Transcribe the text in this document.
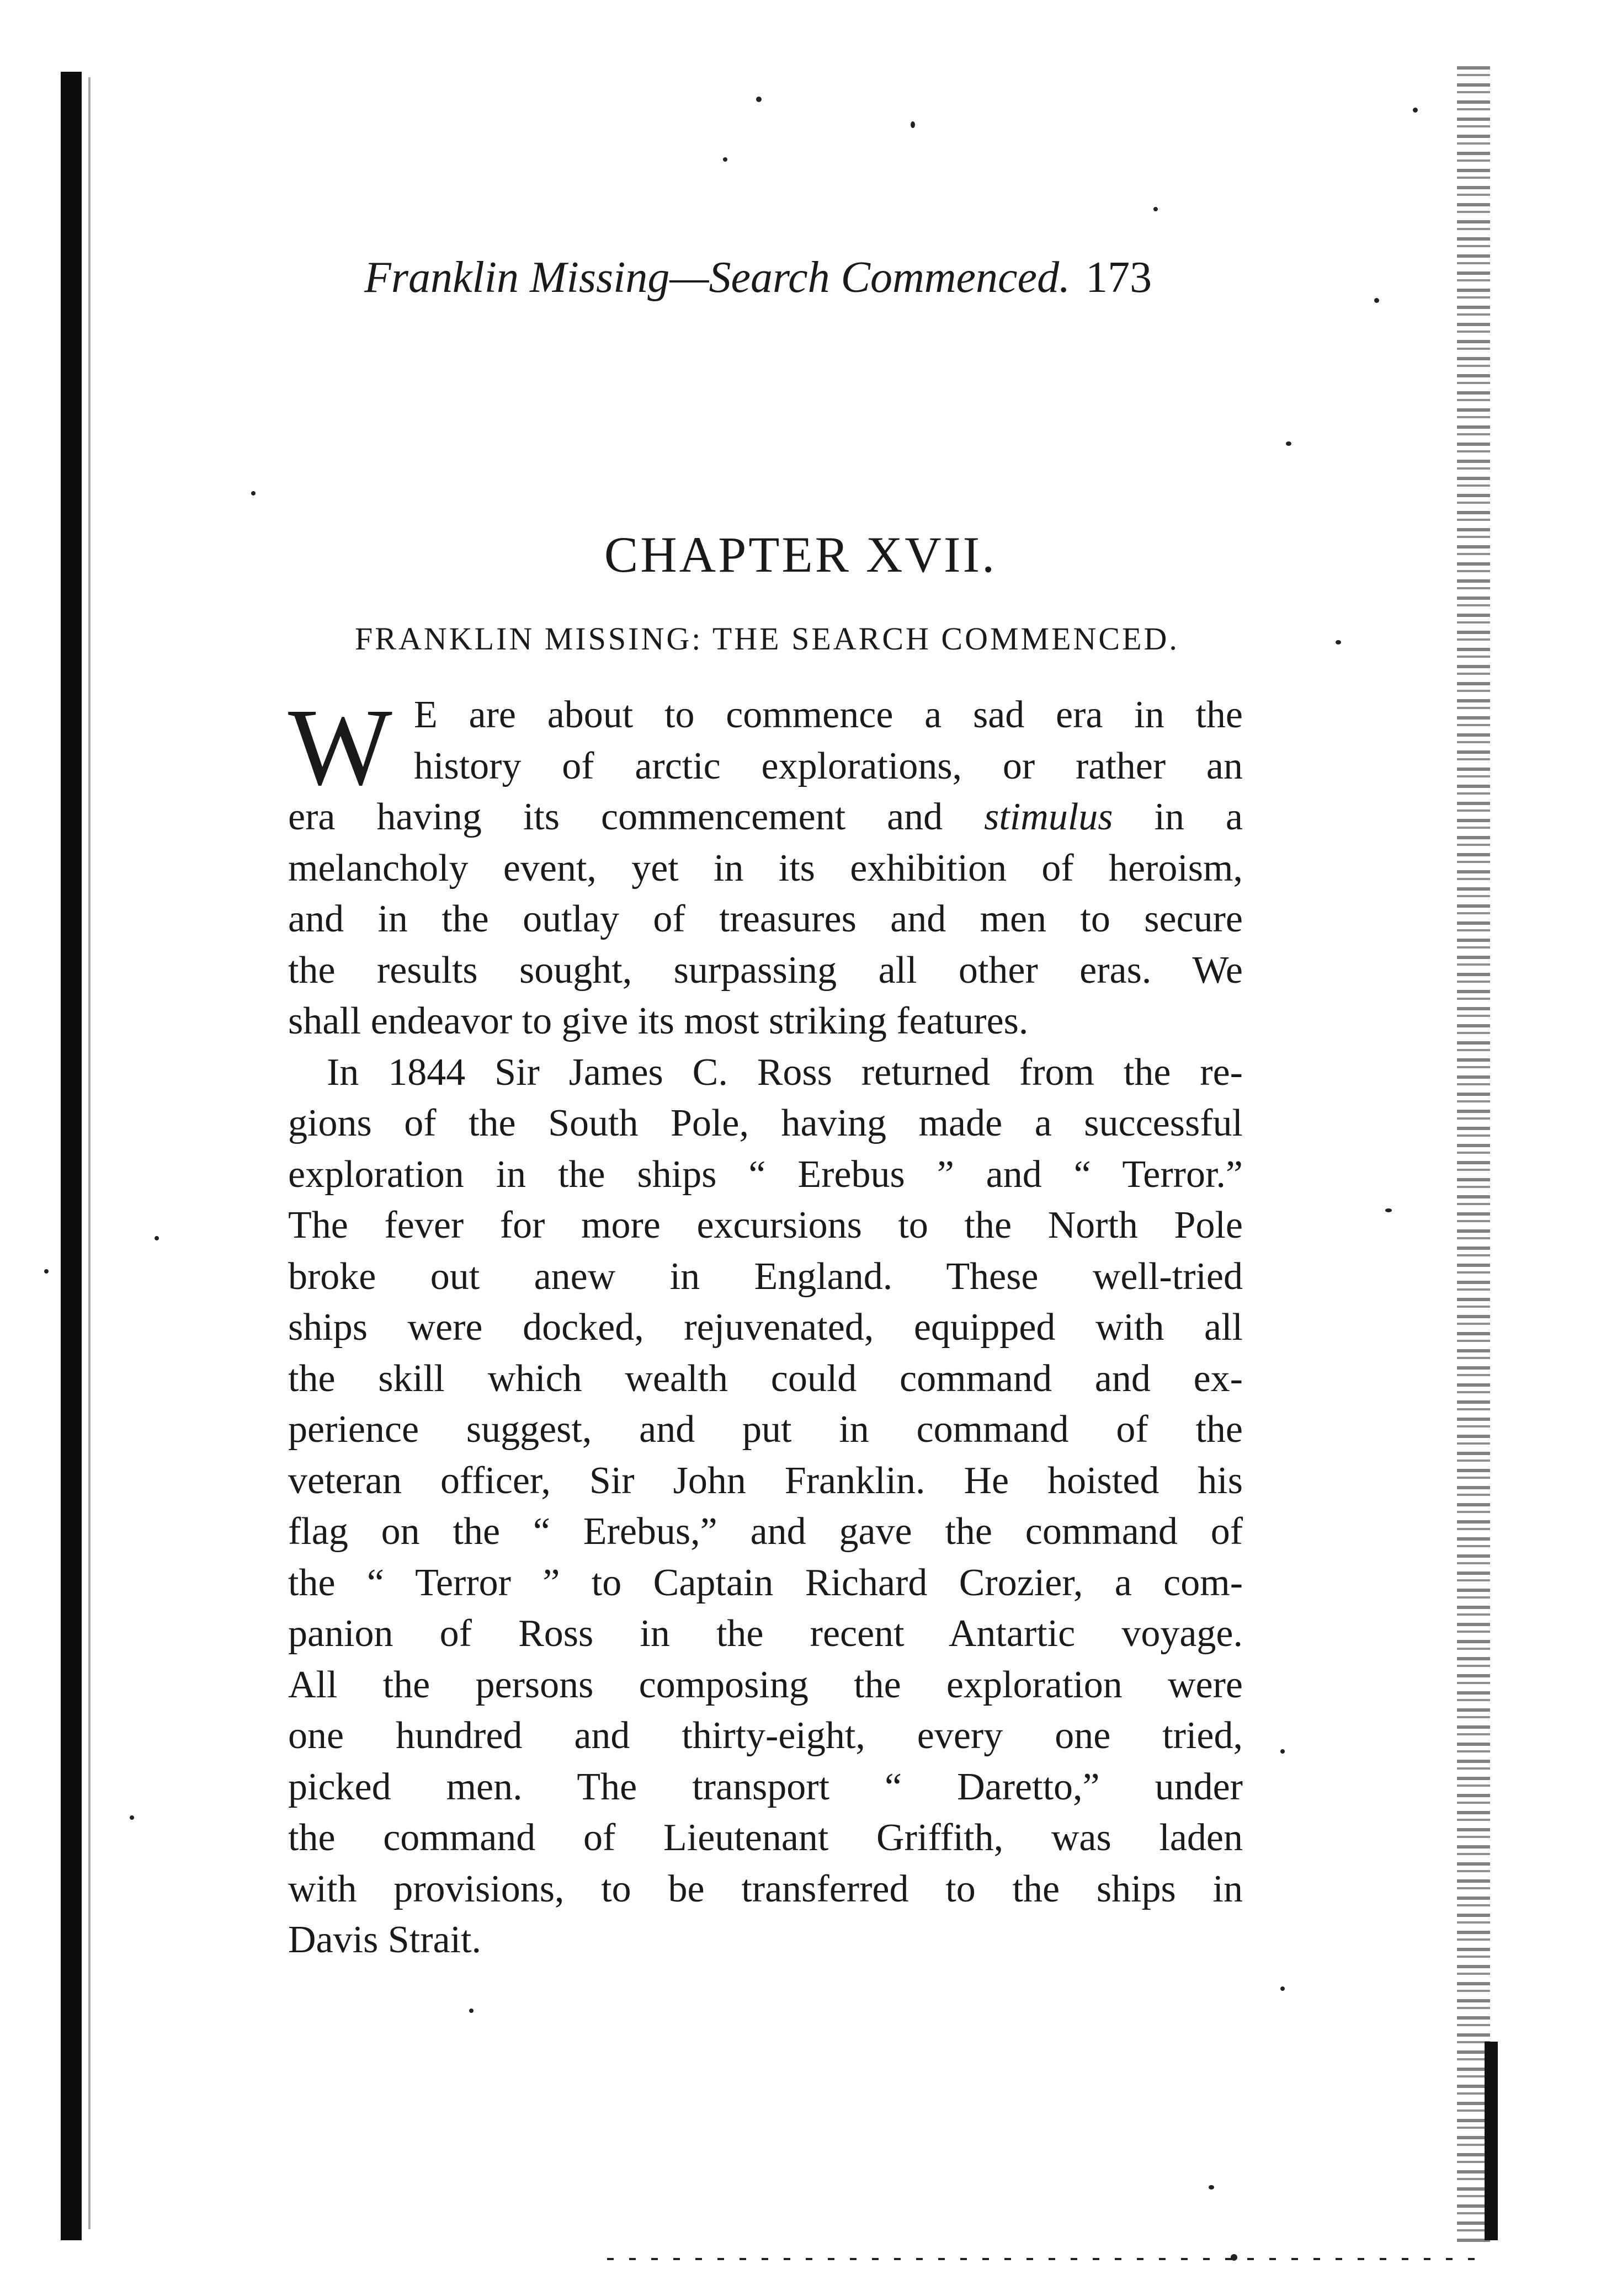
Franklin Missing—Search Commenced. 173
CHAPTER XVII.
FRANKLIN MISSING: THE SEARCH COMMENCED.
W E are about to commence a sad era in the
history of arctic explorations, or rather an
era having its commencement and stimulus in a
melancholy event, yet in its exhibition of heroism,
and in the outlay of treasures and men to secure
the results sought, surpassing all other eras. We
shall endeavor to give its most striking features.
In 1844 Sir James C. Ross returned from the re-
gions of the South Pole, having made a successful
exploration in the ships “ Erebus ” and “ Terror.”
The fever for more excursions to the North Pole
broke out anew in England. These well-tried
ships were docked, rejuvenated, equipped with all
the skill which wealth could command and ex-
perience suggest, and put in command of the
veteran officer, Sir John Franklin. He hoisted his
flag on the “ Erebus,” and gave the command of
the “ Terror ” to Captain Richard Crozier, a com-
panion of Ross in the recent Antartic voyage.
All the persons composing the exploration were
one hundred and thirty-eight, every one tried,
picked men. The transport “ Daretto,” under
the command of Lieutenant Griffith, was laden
with provisions, to be transferred to the ships in
Davis Strait.
